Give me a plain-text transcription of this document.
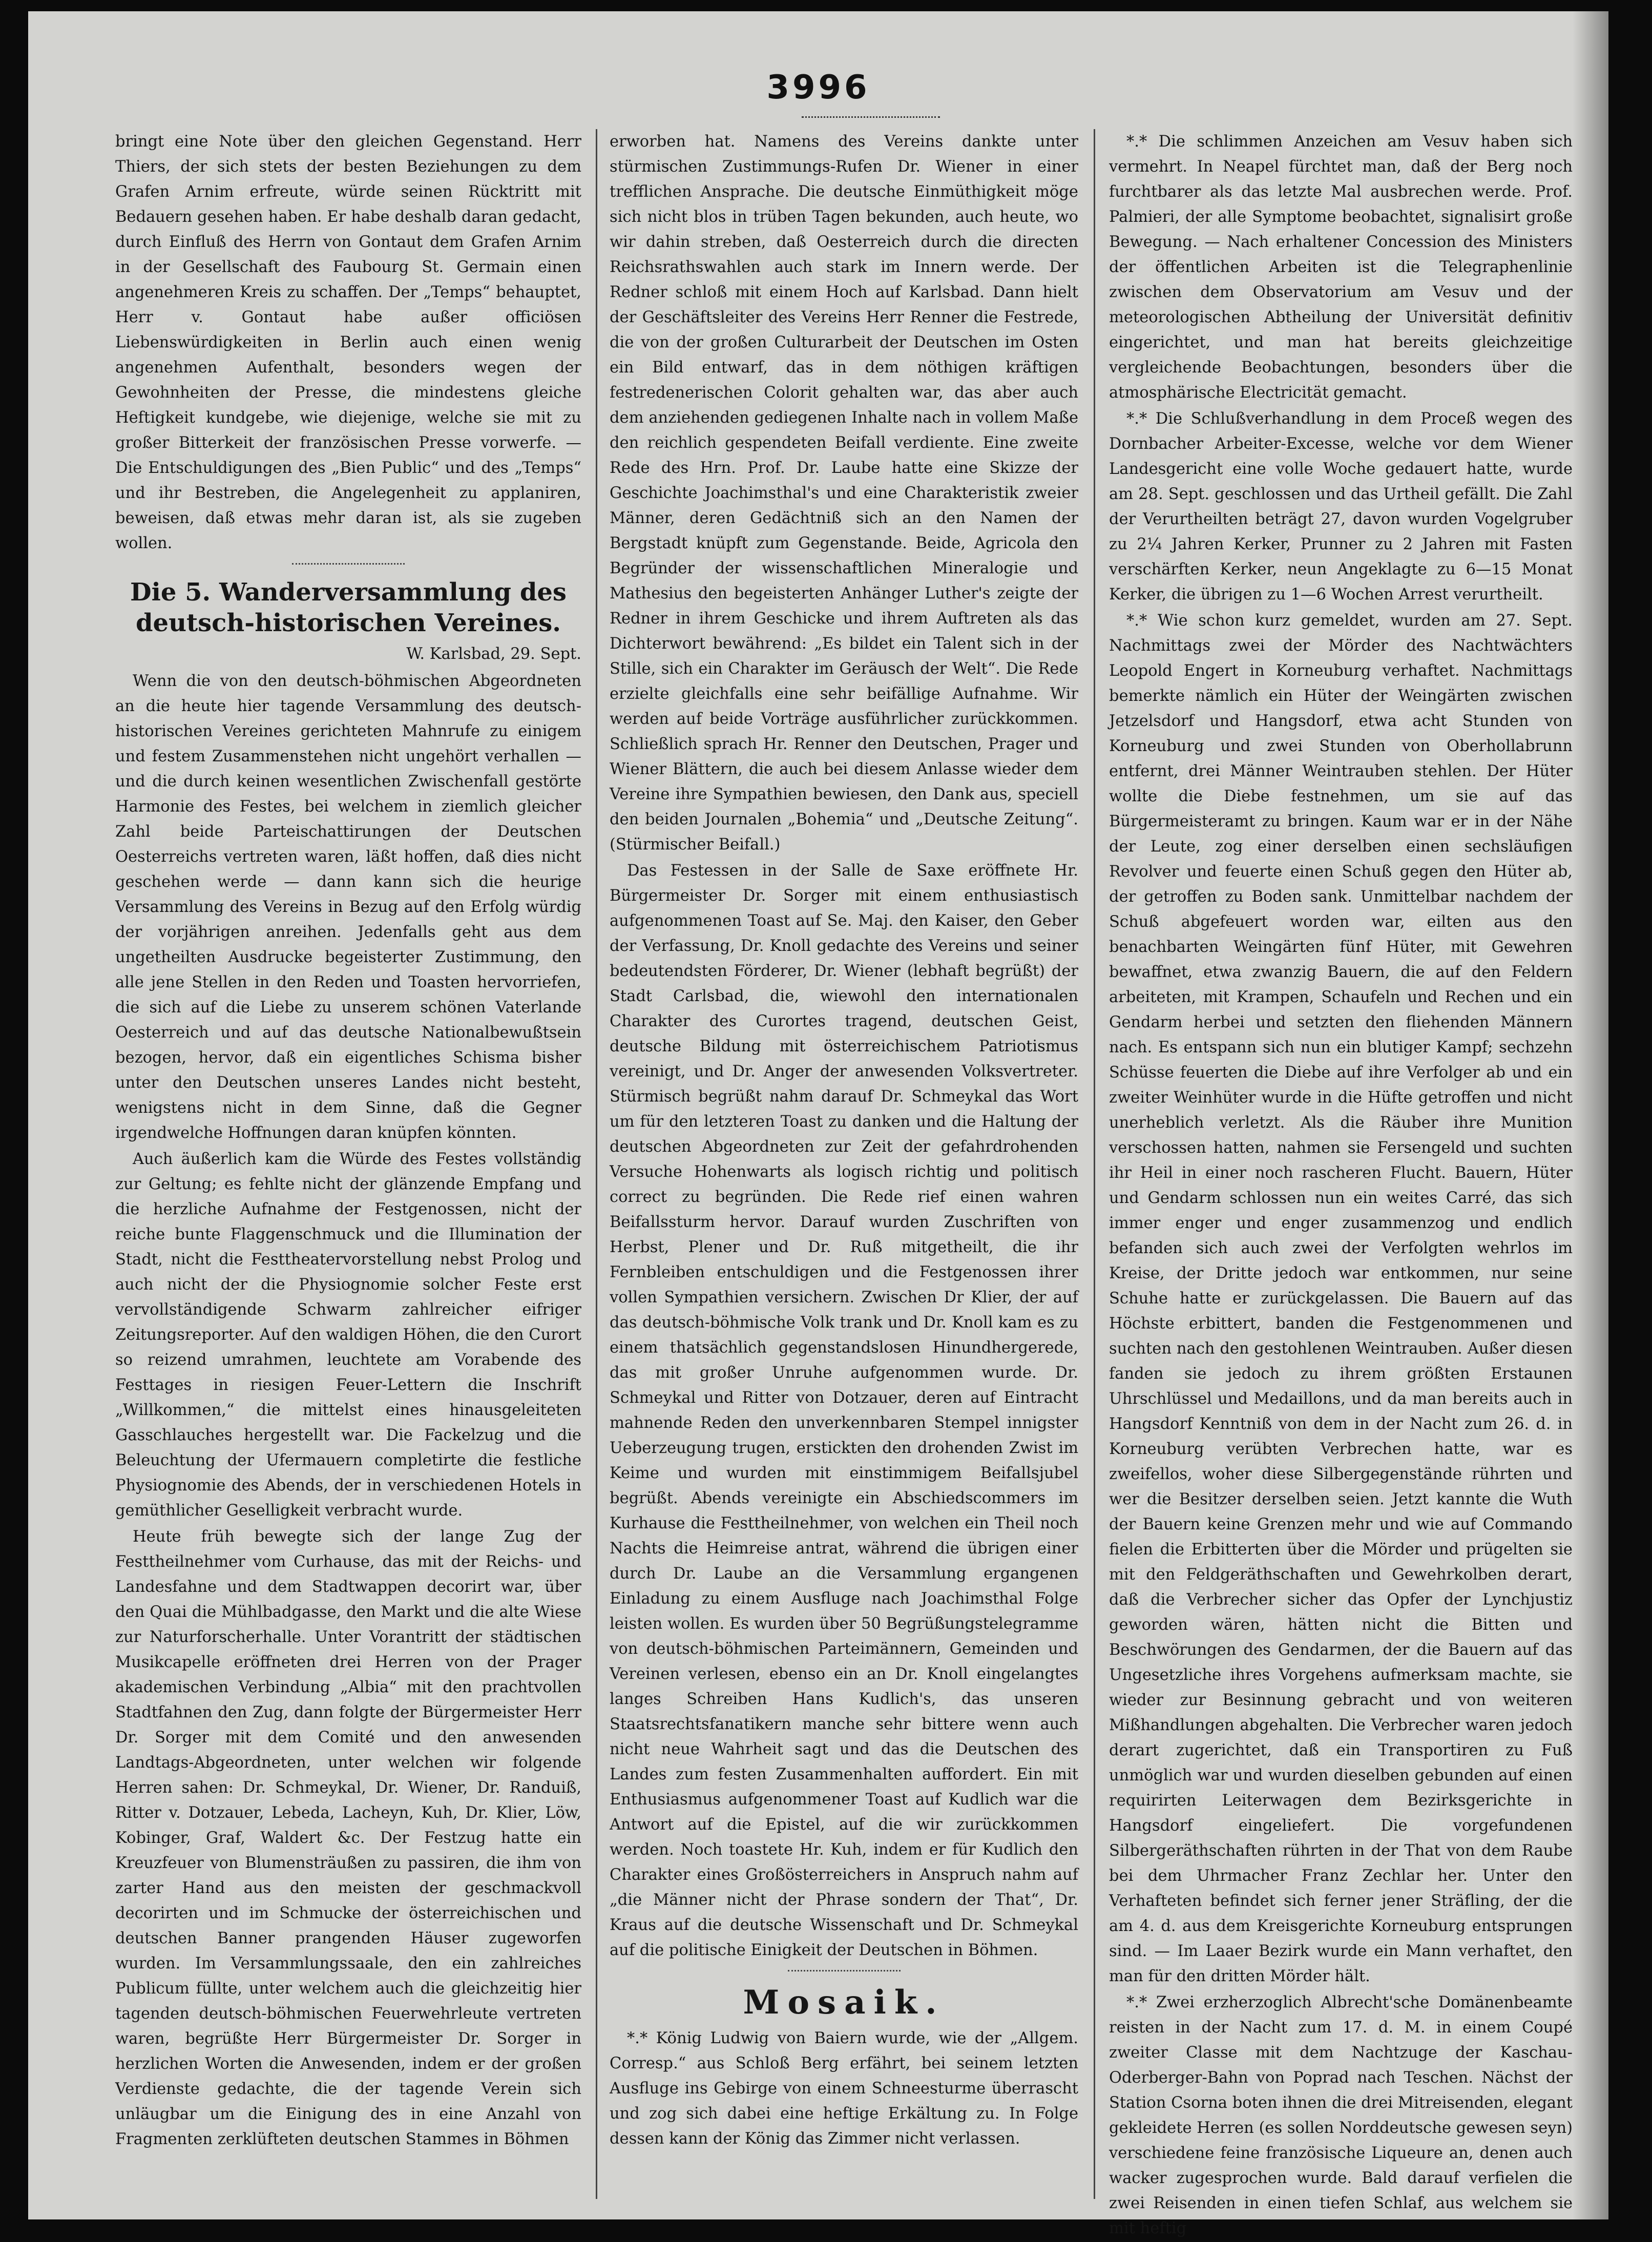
3996

bringt eine Note über den gleichen Gegenstand. Herr Thiers, der sich stets der besten Beziehungen zu dem Grafen Arnim erfreute, würde seinen Rücktritt mit Bedauern gesehen haben. Er habe deshalb daran gedacht, durch Einfluß des Herrn von Gontaut dem Grafen Arnim in der Gesellschaft des Faubourg St. Germain einen angenehmeren Kreis zu schaffen. Der „Temps“ behauptet, Herr v. Gontaut habe außer officiösen Liebenswürdigkeiten in Berlin auch einen wenig angenehmen Aufenthalt, besonders wegen der Gewohnheiten der Presse, die mindestens gleiche Heftigkeit kundgebe, wie diejenige, welche sie mit zu großer Bitterkeit der französischen Presse vorwerfe. — Die Entschuldigungen des „Bien Public“ und des „Temps“ und ihr Bestreben, die Angelegenheit zu applaniren, beweisen, daß etwas mehr daran ist, als sie zugeben wollen.

Die 5. Wanderversammlung des deutsch-historischen Vereines.

W. Karlsbad, 29. Sept.

Wenn die von den deutsch-böhmischen Abgeordneten an die heute hier tagende Versammlung des deutsch-historischen Vereines gerichteten Mahnrufe zu einigem und festem Zusammenstehen nicht ungehört verhallen — und die durch keinen wesentlichen Zwischenfall gestörte Harmonie des Festes, bei welchem in ziemlich gleicher Zahl beide Parteischattirungen der Deutschen Oesterreichs vertreten waren, läßt hoffen, daß dies nicht geschehen werde — dann kann sich die heurige Versammlung des Vereins in Bezug auf den Erfolg würdig der vorjährigen anreihen. Jedenfalls geht aus dem ungetheilten Ausdrucke begeisterter Zustimmung, den alle jene Stellen in den Reden und Toasten hervorriefen, die sich auf die Liebe zu unserem schönen Vaterlande Oesterreich und auf das deutsche Nationalbewußtsein bezogen, hervor, daß ein eigentliches Schisma bisher unter den Deutschen unseres Landes nicht besteht, wenigstens nicht in dem Sinne, daß die Gegner irgendwelche Hoffnungen daran knüpfen könnten.

Auch äußerlich kam die Würde des Festes vollständig zur Geltung; es fehlte nicht der glänzende Empfang und die herzliche Aufnahme der Festgenossen, nicht der reiche bunte Flaggenschmuck und die Illumination der Stadt, nicht die Festtheatervorstellung nebst Prolog und auch nicht der die Physiognomie solcher Feste erst vervollständigende Schwarm zahlreicher eifriger Zeitungsreporter. Auf den waldigen Höhen, die den Curort so reizend umrahmen, leuchtete am Vorabende des Festtages in riesigen Feuer-Lettern die Inschrift „Willkommen,“ die mittelst eines hinausgeleiteten Gasschlauches hergestellt war. Die Fackelzug und die Beleuchtung der Ufermauern completirte die festliche Physiognomie des Abends, der in verschiedenen Hotels in gemüthlicher Geselligkeit verbracht wurde.

Heute früh bewegte sich der lange Zug der Festtheilnehmer vom Curhause, das mit der Reichs- und Landesfahne und dem Stadtwappen decorirt war, über den Quai die Mühlbadgasse, den Markt und die alte Wiese zur Naturforscherhalle. Unter Vorantritt der städtischen Musikcapelle eröffneten drei Herren von der Prager akademischen Verbindung „Albia“ mit den prachtvollen Stadtfahnen den Zug, dann folgte der Bürgermeister Herr Dr. Sorger mit dem Comité und den anwesenden Landtags-Abgeordneten, unter welchen wir folgende Herren sahen: Dr. Schmeykal, Dr. Wiener, Dr. Randuiß, Ritter v. Dotzauer, Lebeda, Lacheyn, Kuh, Dr. Klier, Löw, Kobinger, Graf, Waldert &c. Der Festzug hatte ein Kreuzfeuer von Blumensträußen zu passiren, die ihm von zarter Hand aus den meisten der geschmackvoll decorirten und im Schmucke der österreichischen und deutschen Banner prangenden Häuser zugeworfen wurden. Im Versammlungssaale, den ein zahlreiches Publicum füllte, unter welchem auch die gleichzeitig hier tagenden deutsch-böhmischen Feuerwehrleute vertreten waren, begrüßte Herr Bürgermeister Dr. Sorger in herzlichen Worten die Anwesenden, indem er der großen Verdienste gedachte, die der tagende Verein sich unläugbar um die Einigung des in eine Anzahl von Fragmenten zerklüfteten deutschen Stammes in Böhmen

erworben hat. Namens des Vereins dankte unter stürmischen Zustimmungs-Rufen Dr. Wiener in einer trefflichen Ansprache. Die deutsche Einmüthigkeit möge sich nicht blos in trüben Tagen bekunden, auch heute, wo wir dahin streben, daß Oesterreich durch die directen Reichsrathswahlen auch stark im Innern werde. Der Redner schloß mit einem Hoch auf Karlsbad. Dann hielt der Geschäftsleiter des Vereins Herr Renner die Festrede, die von der großen Culturarbeit der Deutschen im Osten ein Bild entwarf, das in dem nöthigen kräftigen festredenerischen Colorit gehalten war, das aber auch dem anziehenden gediegenen Inhalte nach in vollem Maße den reichlich gespendeten Beifall verdiente. Eine zweite Rede des Hrn. Prof. Dr. Laube hatte eine Skizze der Geschichte Joachimsthal's und eine Charakteristik zweier Männer, deren Gedächtniß sich an den Namen der Bergstadt knüpft zum Gegenstande. Beide, Agricola den Begründer der wissenschaftlichen Mineralogie und Mathesius den begeisterten Anhänger Luther's zeigte der Redner in ihrem Geschicke und ihrem Auftreten als das Dichterwort bewährend: „Es bildet ein Talent sich in der Stille, sich ein Charakter im Geräusch der Welt“. Die Rede erzielte gleichfalls eine sehr beifällige Aufnahme. Wir werden auf beide Vorträge ausführlicher zurückkommen. Schließlich sprach Hr. Renner den Deutschen, Prager und Wiener Blättern, die auch bei diesem Anlasse wieder dem Vereine ihre Sympathien bewiesen, den Dank aus, speciell den beiden Journalen „Bohemia“ und „Deutsche Zeitung“. (Stürmischer Beifall.)

Das Festessen in der Salle de Saxe eröffnete Hr. Bürgermeister Dr. Sorger mit einem enthusiastisch aufgenommenen Toast auf Se. Maj. den Kaiser, den Geber der Verfassung, Dr. Knoll gedachte des Vereins und seiner bedeutendsten Förderer, Dr. Wiener (lebhaft begrüßt) der Stadt Carlsbad, die, wiewohl den internationalen Charakter des Curortes tragend, deutschen Geist, deutsche Bildung mit österreichischem Patriotismus vereinigt, und Dr. Anger der anwesenden Volksvertreter. Stürmisch begrüßt nahm darauf Dr. Schmeykal das Wort um für den letzteren Toast zu danken und die Haltung der deutschen Abgeordneten zur Zeit der gefahrdrohenden Versuche Hohenwarts als logisch richtig und politisch correct zu begründen. Die Rede rief einen wahren Beifallssturm hervor. Darauf wurden Zuschriften von Herbst, Plener und Dr. Ruß mitgetheilt, die ihr Fernbleiben entschuldigen und die Festgenossen ihrer vollen Sympathien versichern. Zwischen Dr Klier, der auf das deutsch-böhmische Volk trank und Dr. Knoll kam es zu einem thatsächlich gegenstandslosen Hinundhergerede, das mit großer Unruhe aufgenommen wurde. Dr. Schmeykal und Ritter von Dotzauer, deren auf Eintracht mahnende Reden den unverkennbaren Stempel innigster Ueberzeugung trugen, erstickten den drohenden Zwist im Keime und wurden mit einstimmigem Beifallsjubel begrüßt. Abends vereinigte ein Abschiedscommers im Kurhause die Festtheilnehmer, von welchen ein Theil noch Nachts die Heimreise antrat, während die übrigen einer durch Dr. Laube an die Versammlung ergangenen Einladung zu einem Ausfluge nach Joachimsthal Folge leisten wollen. Es wurden über 50 Begrüßungstelegramme von deutsch-böhmischen Parteimännern, Gemeinden und Vereinen verlesen, ebenso ein an Dr. Knoll eingelangtes langes Schreiben Hans Kudlich's, das unseren Staatsrechtsfanatikern manche sehr bittere wenn auch nicht neue Wahrheit sagt und das die Deutschen des Landes zum festen Zusammenhalten auffordert. Ein mit Enthusiasmus aufgenommener Toast auf Kudlich war die Antwort auf die Epistel, auf die wir zurückkommen werden. Noch toastete Hr. Kuh, indem er für Kudlich den Charakter eines Großösterreichers in Anspruch nahm auf „die Männer nicht der Phrase sondern der That“, Dr. Kraus auf die deutsche Wissenschaft und Dr. Schmeykal auf die politische Einigkeit der Deutschen in Böhmen.

Mosaik.

*.* König Ludwig von Baiern wurde, wie der „Allgem. Corresp.“ aus Schloß Berg erfährt, bei seinem letzten Ausfluge ins Gebirge von einem Schneesturme überrascht und zog sich dabei eine heftige Erkältung zu. In Folge dessen kann der König das Zimmer nicht verlassen.

*.* Die schlimmen Anzeichen am Vesuv haben sich vermehrt. In Neapel fürchtet man, daß der Berg noch furchtbarer als das letzte Mal ausbrechen werde. Prof. Palmieri, der alle Symptome beobachtet, signalisirt große Bewegung. — Nach erhaltener Concession des Ministers der öffentlichen Arbeiten ist die Telegraphenlinie zwischen dem Observatorium am Vesuv und der meteorologischen Abtheilung der Universität definitiv eingerichtet, und man hat bereits gleichzeitige vergleichende Beobachtungen, besonders über die atmosphärische Electricität gemacht.

*.* Die Schlußverhandlung in dem Proceß wegen des Dornbacher Arbeiter-Excesse, welche vor dem Wiener Landesgericht eine volle Woche gedauert hatte, wurde am 28. Sept. geschlossen und das Urtheil gefällt. Die Zahl der Verurtheilten beträgt 27, davon wurden Vogelgruber zu 2¼ Jahren Kerker, Prunner zu 2 Jahren mit Fasten verschärften Kerker, neun Angeklagte zu 6—15 Monat Kerker, die übrigen zu 1—6 Wochen Arrest verurtheilt.

*.* Wie schon kurz gemeldet, wurden am 27. Sept. Nachmittags zwei der Mörder des Nachtwächters Leopold Engert in Korneuburg verhaftet. Nachmittags bemerkte nämlich ein Hüter der Weingärten zwischen Jetzelsdorf und Hangsdorf, etwa acht Stunden von Korneuburg und zwei Stunden von Oberhollabrunn entfernt, drei Männer Weintrauben stehlen. Der Hüter wollte die Diebe festnehmen, um sie auf das Bürgermeisteramt zu bringen. Kaum war er in der Nähe der Leute, zog einer derselben einen sechsläufigen Revolver und feuerte einen Schuß gegen den Hüter ab, der getroffen zu Boden sank. Unmittelbar nachdem der Schuß abgefeuert worden war, eilten aus den benachbarten Weingärten fünf Hüter, mit Gewehren bewaffnet, etwa zwanzig Bauern, die auf den Feldern arbeiteten, mit Krampen, Schaufeln und Rechen und ein Gendarm herbei und setzten den fliehenden Männern nach. Es entspann sich nun ein blutiger Kampf; sechzehn Schüsse feuerten die Diebe auf ihre Verfolger ab und ein zweiter Weinhüter wurde in die Hüfte getroffen und nicht unerheblich verletzt. Als die Räuber ihre Munition verschossen hatten, nahmen sie Fersengeld und suchten ihr Heil in einer noch rascheren Flucht. Bauern, Hüter und Gendarm schlossen nun ein weites Carré, das sich immer enger und enger zusammenzog und endlich befanden sich auch zwei der Verfolgten wehrlos im Kreise, der Dritte jedoch war entkommen, nur seine Schuhe hatte er zurückgelassen. Die Bauern auf das Höchste erbittert, banden die Festgenommenen und suchten nach den gestohlenen Weintrauben. Außer diesen fanden sie jedoch zu ihrem größten Erstaunen Uhrschlüssel und Medaillons, und da man bereits auch in Hangsdorf Kenntniß von dem in der Nacht zum 26. d. in Korneuburg verübten Verbrechen hatte, war es zweifellos, woher diese Silbergegenstände rührten und wer die Besitzer derselben seien. Jetzt kannte die Wuth der Bauern keine Grenzen mehr und wie auf Commando fielen die Erbitterten über die Mörder und prügelten sie mit den Feldgeräthschaften und Gewehrkolben derart, daß die Verbrecher sicher das Opfer der Lynchjustiz geworden wären, hätten nicht die Bitten und Beschwörungen des Gendarmen, der die Bauern auf das Ungesetzliche ihres Vorgehens aufmerksam machte, sie wieder zur Besinnung gebracht und von weiteren Mißhandlungen abgehalten. Die Verbrecher waren jedoch derart zugerichtet, daß ein Transportiren zu Fuß unmöglich war und wurden dieselben gebunden auf einen requirirten Leiterwagen dem Bezirksgerichte in Hangsdorf eingeliefert. Die vorgefundenen Silbergeräthschaften rührten in der That von dem Raube bei dem Uhrmacher Franz Zechlar her. Unter den Verhafteten befindet sich ferner jener Sträfling, der die am 4. d. aus dem Kreisgerichte Korneuburg entsprungen sind. — Im Laaer Bezirk wurde ein Mann verhaftet, den man für den dritten Mörder hält.

*.* Zwei erzherzoglich Albrecht'sche Domänenbeamte reisten in der Nacht zum 17. d. M. in einem Coupé zweiter Classe mit dem Nachtzuge der Kaschau-Oderberger-Bahn von Poprad nach Teschen. Nächst der Station Csorna boten ihnen die drei Mitreisenden, elegant gekleidete Herren (es sollen Norddeutsche gewesen seyn) verschiedene feine französische Liqueure an, denen auch wacker zugesprochen wurde. Bald darauf verfielen die zwei Reisenden in einen tiefen Schlaf, aus welchem sie mit heftig
